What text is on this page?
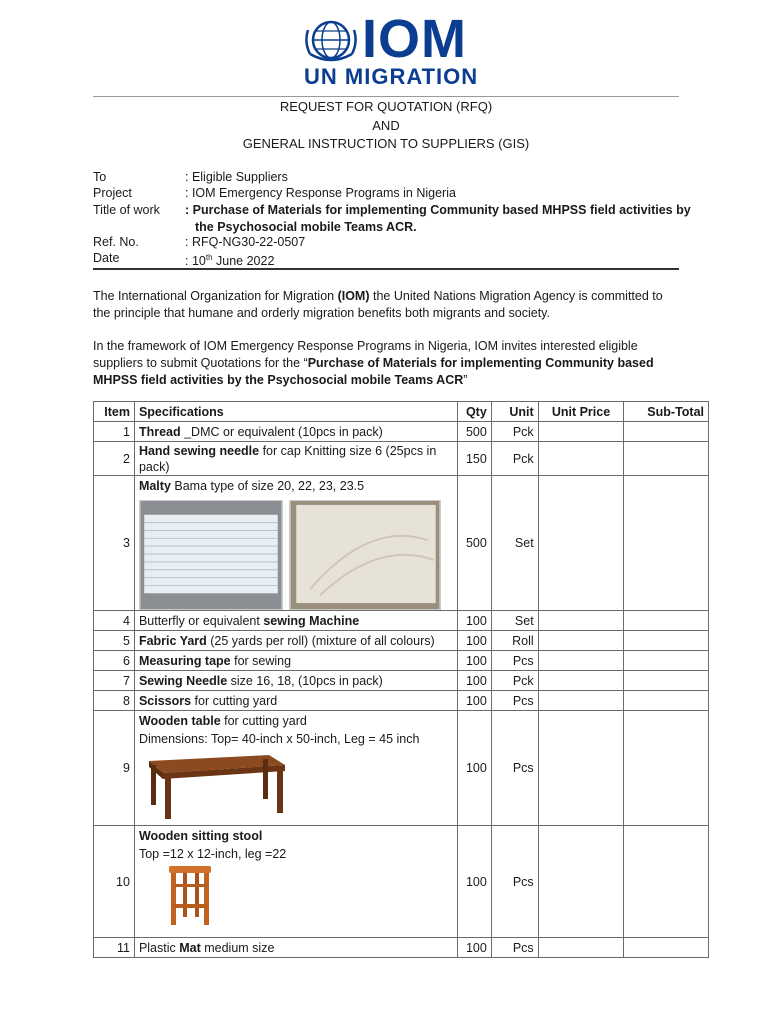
IOM
UN MIGRATION
REQUEST FOR QUOTATION (RFQ)
AND
GENERAL INSTRUCTION TO SUPPLIERS (GIS)
To	: Eligible Suppliers
Project	: IOM Emergency Response Programs in Nigeria
Title of work : Purchase of Materials for implementing Community based MHPSS field activities by
the Psychosocial mobile Teams ACR.
Ref. No.	: RFQ-NG30-22-0507
Date	: 10th June 2022
The International Organization for Migration (IOM) the United Nations Migration Agency is committed to the principle that humane and orderly migration benefits both migrants and society.
In the framework of IOM Emergency Response Programs in Nigeria, IOM invites interested eligible suppliers to submit Quotations for the “Purchase of Materials for implementing Community based MHPSS field activities by the Psychosocial mobile Teams ACR”
Item	Specifications	Qty	Unit	Unit Price	Sub-Total
1	Thread _DMC or equivalent (10pcs in pack)	500	Pck		
2	Hand sewing needle for cap Knitting size 6 (25pcs in pack)	150	Pck		
3	Malty Bama type of size 20, 22, 23, 23.5	500	Set		
4	Butterfly or equivalent sewing Machine	100	Set		
5	Fabric Yard (25 yards per roll) (mixture of all colours)	100	Roll		
6	Measuring tape for sewing	100	Pcs		
7	Sewing Needle size 16, 18, (10pcs in pack)	100	Pck		
8	Scissors for cutting yard	100	Pcs		
9	Wooden table for cutting yard
Dimensions: Top= 40-inch x 50-inch, Leg = 45 inch	100	Pcs		
10	Wooden sitting stool
Top =12 x 12-inch, leg =22	100	Pcs		
11	Plastic Mat medium size	100	Pcs		
